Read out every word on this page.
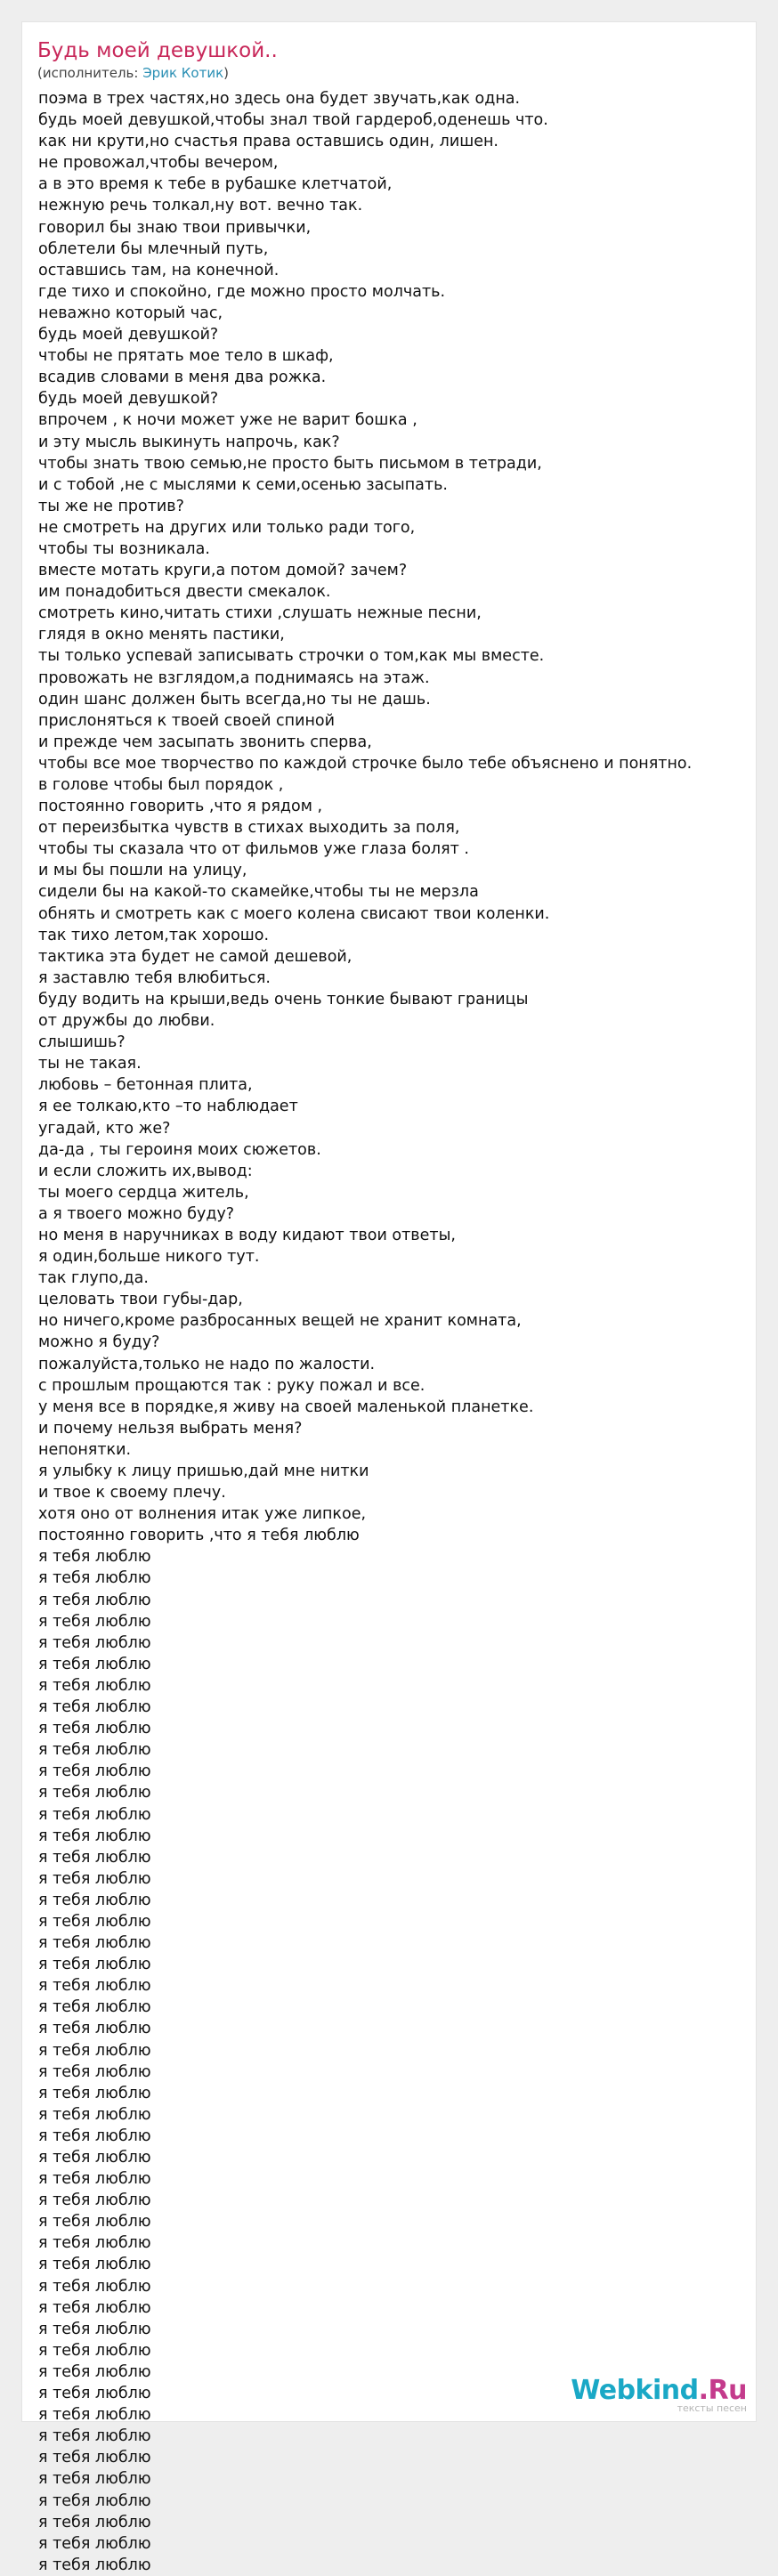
Будь моей девушкой..
(исполнитель: Эрик Котик)
поэма в трех частях,но здесь она будет звучать,как одна.
будь моей девушкой,чтобы знал твой гардероб,оденешь что.
как ни крути,но счастья права оставшись один, лишен.
не провожал,чтобы вечером,
а в это время к тебе в рубашке клетчатой,
нежную речь толкал,ну вот. вечно так.
говорил бы знаю твои привычки,
облетели бы млечный путь,
оставшись там, на конечной.
где тихо и спокойно, где можно просто молчать.
неважно который час,
будь моей девушкой?
чтобы не прятать мое тело в шкаф,
всадив словами в меня два рожка.
будь моей девушкой?
впрочем , к ночи может уже не варит бошка ,
и эту мысль выкинуть напрочь, как?
чтобы знать твою семью,не просто быть письмом в тетради,
и с тобой ,не с мыслями к семи,осенью засыпать.
ты же не против?
не смотреть на других или только ради того,
чтобы ты возникала.
вместе мотать круги,а потом домой? зачем?
им понадобиться двести смекалок.
смотреть кино,читать стихи ,слушать нежные песни,
глядя в окно менять пастики,
ты только успевай записывать строчки о том,как мы вместе.
провожать не взглядом,а поднимаясь на этаж.
один шанс должен быть всегда,но ты не дашь.
прислоняться к твоей своей спиной
и прежде чем засыпать звонить сперва,
чтобы все мое творчество по каждой строчке было тебе объяснено и понятно.
в голове чтобы был порядок ,
постоянно говорить ,что я рядом ,
от переизбытка чувств в стихах выходить за поля,
чтобы ты сказала что от фильмов уже глаза болят .
и мы бы пошли на улицу,
сидели бы на какой-то скамейке,чтобы ты не мерзла
обнять и смотреть как с моего колена свисают твои коленки.
так тихо летом,так хорошо.
тактика эта будет не самой дешевой,
я заставлю тебя влюбиться.
буду водить на крыши,ведь очень тонкие бывают границы
от дружбы до любви.
слышишь?
ты не такая.
любовь – бетонная плита,
я ее толкаю,кто –то наблюдает
угадай, кто же?
да-да , ты героиня моих сюжетов.
и если сложить их,вывод:
ты моего сердца житель,
а я твоего можно буду?
но меня в наручниках в воду кидают твои ответы,
я один,больше никого тут.
так глупо,да.
целовать твои губы-дар,
но ничего,кроме разбросанных вещей не хранит комната,
можно я буду?
пожалуйста,только не надо по жалости.
с прошлым прощаются так : руку пожал и все.
у меня все в порядке,я живу на своей маленькой планетке.
и почему нельзя выбрать меня?
непонятки.
я улыбку к лицу пришью,дай мне нитки
и твое к своему плечу.
хотя оно от волнения итак уже липкое,
постоянно говорить ,что я тебя люблю
я тебя люблю
я тебя люблю
я тебя люблю
я тебя люблю
я тебя люблю
я тебя люблю
я тебя люблю
я тебя люблю
я тебя люблю
я тебя люблю
я тебя люблю
я тебя люблю
я тебя люблю
я тебя люблю
я тебя люблю
я тебя люблю
я тебя люблю
я тебя люблю
я тебя люблю
я тебя люблю
я тебя люблю
я тебя люблю
я тебя люблю
я тебя люблю
я тебя люблю
я тебя люблю
я тебя люблю
я тебя люблю
я тебя люблю
я тебя люблю
я тебя люблю
я тебя люблю
я тебя люблю
я тебя люблю
я тебя люблю
я тебя люблю
я тебя люблю
я тебя люблю
я тебя люблю
я тебя люблю
я тебя люблю
я тебя люблю
я тебя люблю
я тебя люблю
я тебя люблю
я тебя люблю
я тебя люблю
я тебя люблю
Webkind.Ru
тексты песен
